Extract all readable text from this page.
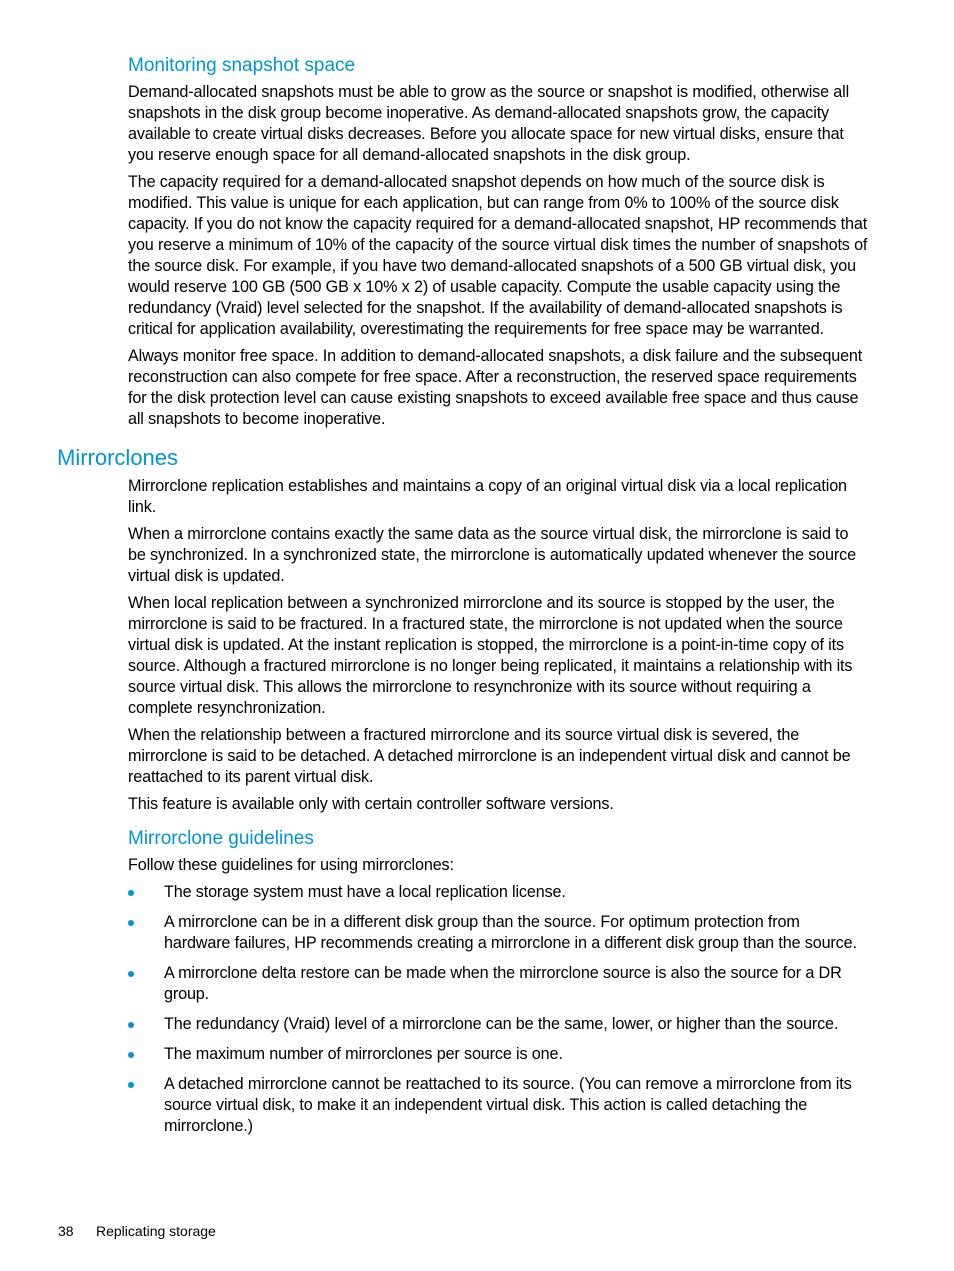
Monitoring snapshot space

Demand-allocated snapshots must be able to grow as the source or snapshot is modified, otherwise all snapshots in the disk group become inoperative. As demand-allocated snapshots grow, the capacity available to create virtual disks decreases. Before you allocate space for new virtual disks, ensure that you reserve enough space for all demand-allocated snapshots in the disk group.

The capacity required for a demand-allocated snapshot depends on how much of the source disk is modified. This value is unique for each application, but can range from 0% to 100% of the source disk capacity. If you do not know the capacity required for a demand-allocated snapshot, HP recommends that you reserve a minimum of 10% of the capacity of the source virtual disk times the number of snapshots of the source disk. For example, if you have two demand-allocated snapshots of a 500 GB virtual disk, you would reserve 100 GB (500 GB x 10% x 2) of usable capacity. Compute the usable capacity using the redundancy (Vraid) level selected for the snapshot. If the availability of demand-allocated snapshots is critical for application availability, overestimating the requirements for free space may be warranted.

Always monitor free space. In addition to demand-allocated snapshots, a disk failure and the subsequent reconstruction can also compete for free space. After a reconstruction, the reserved space requirements for the disk protection level can cause existing snapshots to exceed available free space and thus cause all snapshots to become inoperative.

Mirrorclones

Mirrorclone replication establishes and maintains a copy of an original virtual disk via a local replication link.

When a mirrorclone contains exactly the same data as the source virtual disk, the mirrorclone is said to be synchronized. In a synchronized state, the mirrorclone is automatically updated whenever the source virtual disk is updated.

When local replication between a synchronized mirrorclone and its source is stopped by the user, the mirrorclone is said to be fractured. In a fractured state, the mirrorclone is not updated when the source virtual disk is updated. At the instant replication is stopped, the mirrorclone is a point-in-time copy of its source. Although a fractured mirrorclone is no longer being replicated, it maintains a relationship with its source virtual disk. This allows the mirrorclone to resynchronize with its source without requiring a complete resynchronization.

When the relationship between a fractured mirrorclone and its source virtual disk is severed, the mirrorclone is said to be detached. A detached mirrorclone is an independent virtual disk and cannot be reattached to its parent virtual disk.

This feature is available only with certain controller software versions.

Mirrorclone guidelines

Follow these guidelines for using mirrorclones:

The storage system must have a local replication license.
A mirrorclone can be in a different disk group than the source. For optimum protection from hardware failures, HP recommends creating a mirrorclone in a different disk group than the source.
A mirrorclone delta restore can be made when the mirrorclone source is also the source for a DR group.
The redundancy (Vraid) level of a mirrorclone can be the same, lower, or higher than the source.
The maximum number of mirrorclones per source is one.
A detached mirrorclone cannot be reattached to its source. (You can remove a mirrorclone from its source virtual disk, to make it an independent virtual disk. This action is called detaching the mirrorclone.)
38 Replicating storage
